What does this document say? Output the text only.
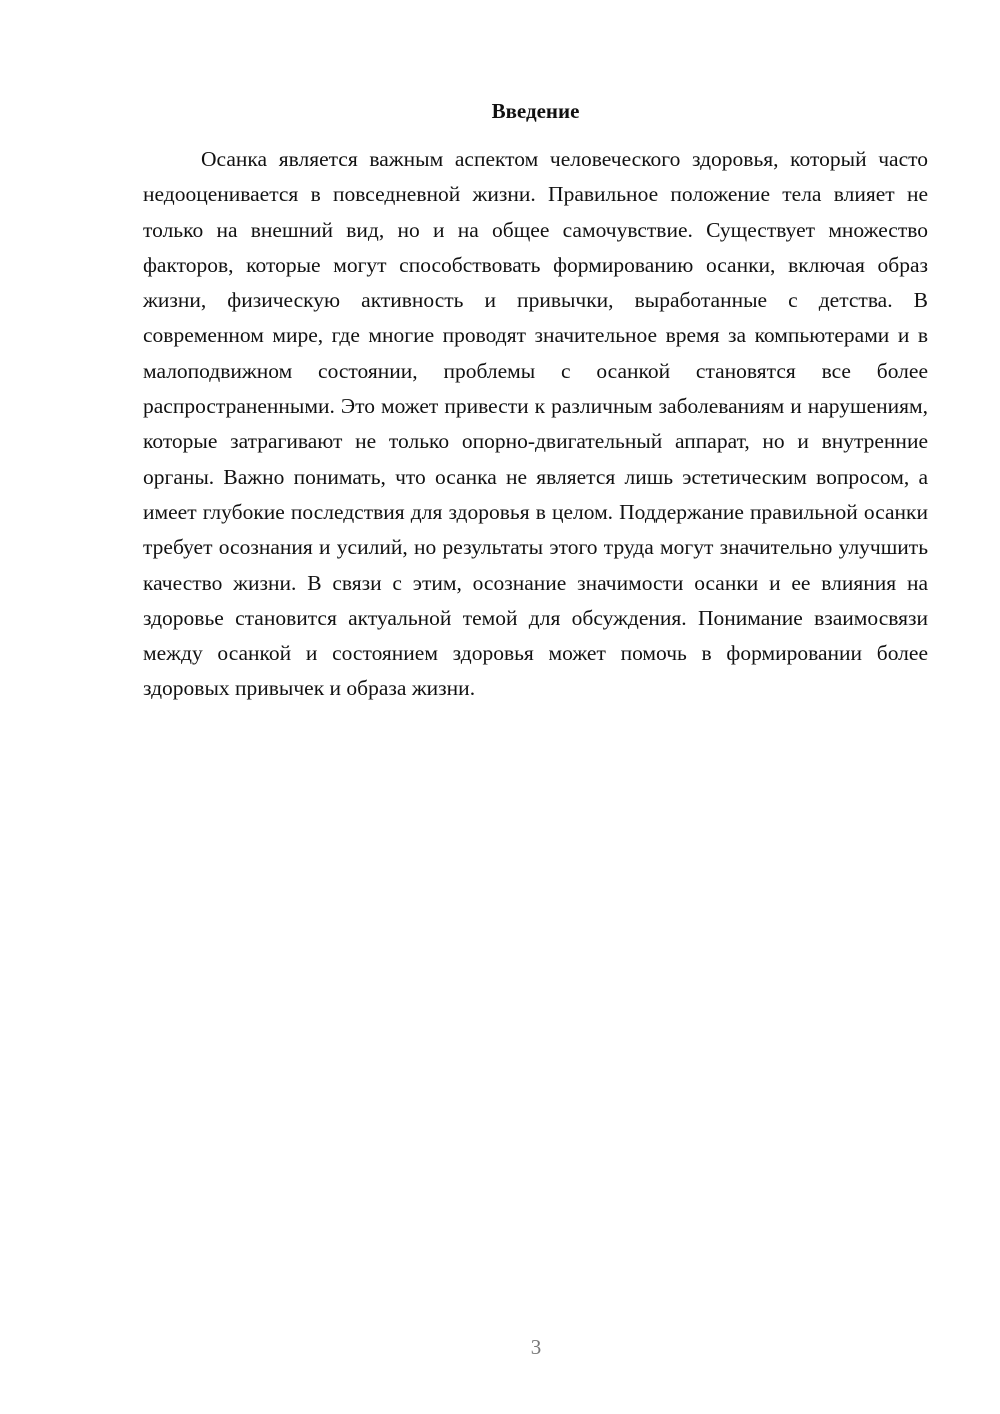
Введение

Осанка является важным аспектом человеческого здоровья, который часто недооценивается в повседневной жизни. Правильное положение тела влияет не только на внешний вид, но и на общее самочувствие. Существует множество факторов, которые могут способствовать формированию осанки, включая образ жизни, физическую активность и привычки, выработанные с детства. В современном мире, где многие проводят значительное время за компьютерами и в малоподвижном состоянии, проблемы с осанкой становятся все более распространенными. Это может привести к различным заболеваниям и нарушениям, которые затрагивают не только опорно-двигательный аппарат, но и внутренние органы. Важно понимать, что осанка не является лишь эстетическим вопросом, а имеет глубокие последствия для здоровья в целом. Поддержание правильной осанки требует осознания и усилий, но результаты этого труда могут значительно улучшить качество жизни. В связи с этим, осознание значимости осанки и ее влияния на здоровье становится актуальной темой для обсуждения. Понимание взаимосвязи между осанкой и состоянием здоровья может помочь в формировании более здоровых привычек и образа жизни.

3
